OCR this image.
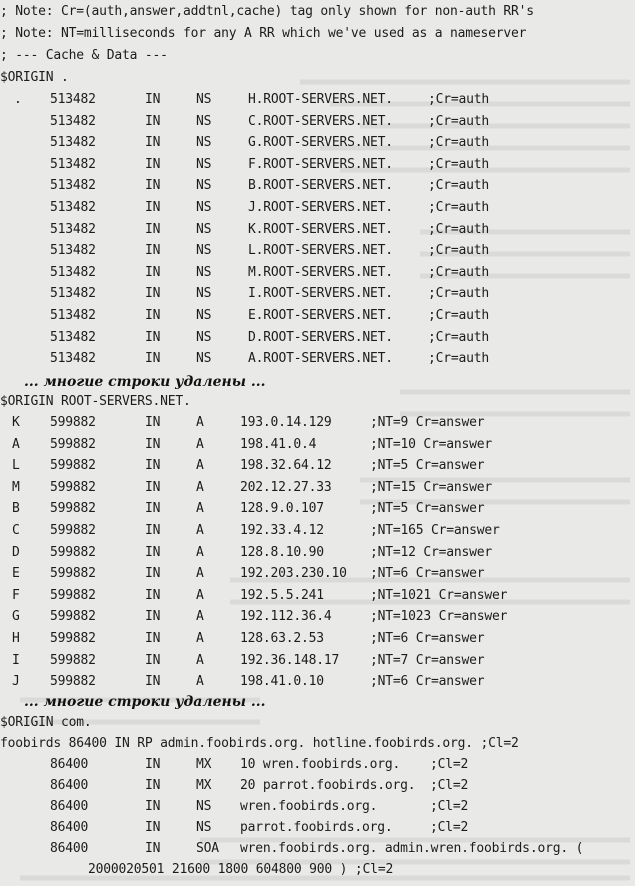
; Note: Cr=(auth,answer,addtnl,cache) tag only shown for non-auth RR's
; Note: NT=milliseconds for any A RR which we've used as a nameserver
; --- Cache & Data ---
$ORIGIN .
. 513482	IN	NS	H.ROOT-SERVERS.NET.	;Cr=auth
513482	IN	NS	C.ROOT-SERVERS.NET.	;Cr=auth
513482	IN	NS	G.ROOT-SERVERS.NET.	;Cr=auth
513482	IN	NS	F.ROOT-SERVERS.NET.	;Cr=auth
513482	IN	NS	B.ROOT-SERVERS.NET.	;Cr=auth
513482	IN	NS	J.ROOT-SERVERS.NET.	;Cr=auth
513482	IN	NS	K.ROOT-SERVERS.NET.	;Cr=auth
513482	IN	NS	L.ROOT-SERVERS.NET.	;Cr=auth
513482	IN	NS	M.ROOT-SERVERS.NET.	;Cr=auth
513482	IN	NS	I.ROOT-SERVERS.NET.	;Cr=auth
513482	IN	NS	E.ROOT-SERVERS.NET.	;Cr=auth
513482	IN	NS	D.ROOT-SERVERS.NET.	;Cr=auth
513482	IN	NS	A.ROOT-SERVERS.NET.	;Cr=auth
... многие строки удалены ...
$ORIGIN ROOT-SERVERS.NET.
K 599882	IN	A	193.0.14.129	;NT=9 Cr=answer
A 599882	IN	A	198.41.0.4	;NT=10 Cr=answer
L 599882	IN	A	198.32.64.12	;NT=5 Cr=answer
M 599882	IN	A	202.12.27.33	;NT=15 Cr=answer
B 599882	IN	A	128.9.0.107	;NT=5 Cr=answer
C 599882	IN	A	192.33.4.12	;NT=165 Cr=answer
D 599882	IN	A	128.8.10.90	;NT=12 Cr=answer
E 599882	IN	A	192.203.230.10 ;NT=6 Cr=answer
F 599882	IN	A	192.5.5.241	;NT=1021 Cr=answer
G 599882	IN	A	192.112.36.4	;NT=1023 Cr=answer
H 599882	IN	A	128.63.2.53	;NT=6 Cr=answer
I 599882	IN	A	192.36.148.17 ;NT=7 Cr=answer
J 599882	IN	A	198.41.0.10	;NT=6 Cr=answer
... многие строки удалены ...
$ORIGIN com.
foobirds 86400 IN RP admin.foobirds.org. hotline.foobirds.org. ;Cl=2
86400	IN	MX 10 wren.foobirds.org. ;Cl=2
86400	IN	MX 20 parrot.foobirds.org. ;Cl=2
86400	IN	NS wren.foobirds.org.	;Cl=2
86400	IN	NS parrot.foobirds.org.	;Cl=2
86400	IN	SOA wren.foobirds.org. admin.wren.foobirds.org. (
2000020501 21600 1800 604800 900 ) ;Cl=2
